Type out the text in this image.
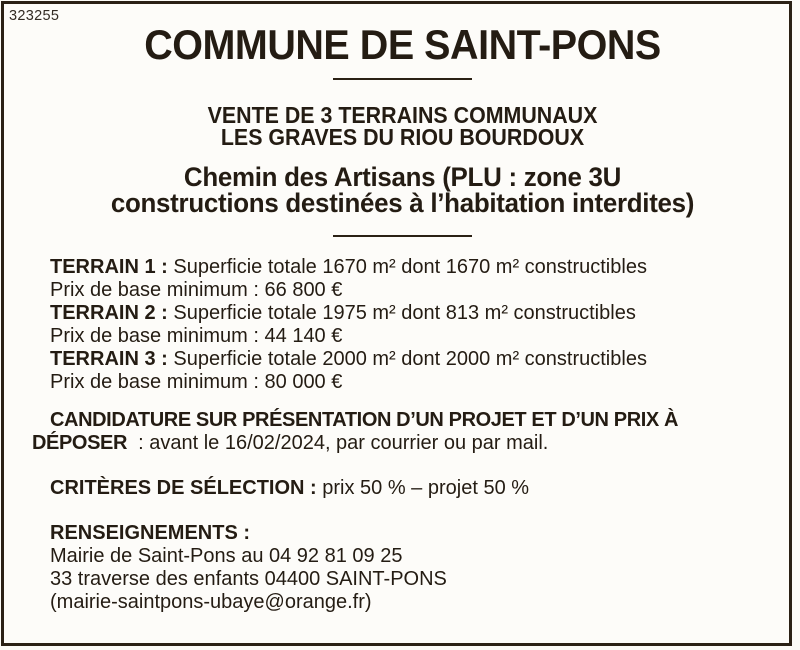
323255
COMMUNE DE SAINT-PONS
VENTE DE 3 TERRAINS COMMUNAUX
LES GRAVES DU RIOU BOURDOUX
Chemin des Artisans (PLU : zone 3U
constructions destinées à l’habitation interdites)
TERRAIN 1 : Superficie totale 1670 m² dont 1670 m² constructibles
Prix de base minimum : 66 800 €
TERRAIN 2 : Superficie totale 1975 m² dont 813 m² constructibles
Prix de base minimum : 44 140 €
TERRAIN 3 : Superficie totale 2000 m² dont 2000 m² constructibles
Prix de base minimum : 80 000 €
CANDIDATURE SUR PRÉSENTATION D’UN PROJET ET D’UN PRIX À
DÉPOSER  : avant le 16/02/2024, par courrier ou par mail.
CRITÈRES DE SÉLECTION : prix 50 % – projet 50 %
RENSEIGNEMENTS :
Mairie de Saint-Pons au 04 92 81 09 25
33 traverse des enfants 04400 SAINT-PONS
(mairie-saintpons-ubaye@orange.fr)
